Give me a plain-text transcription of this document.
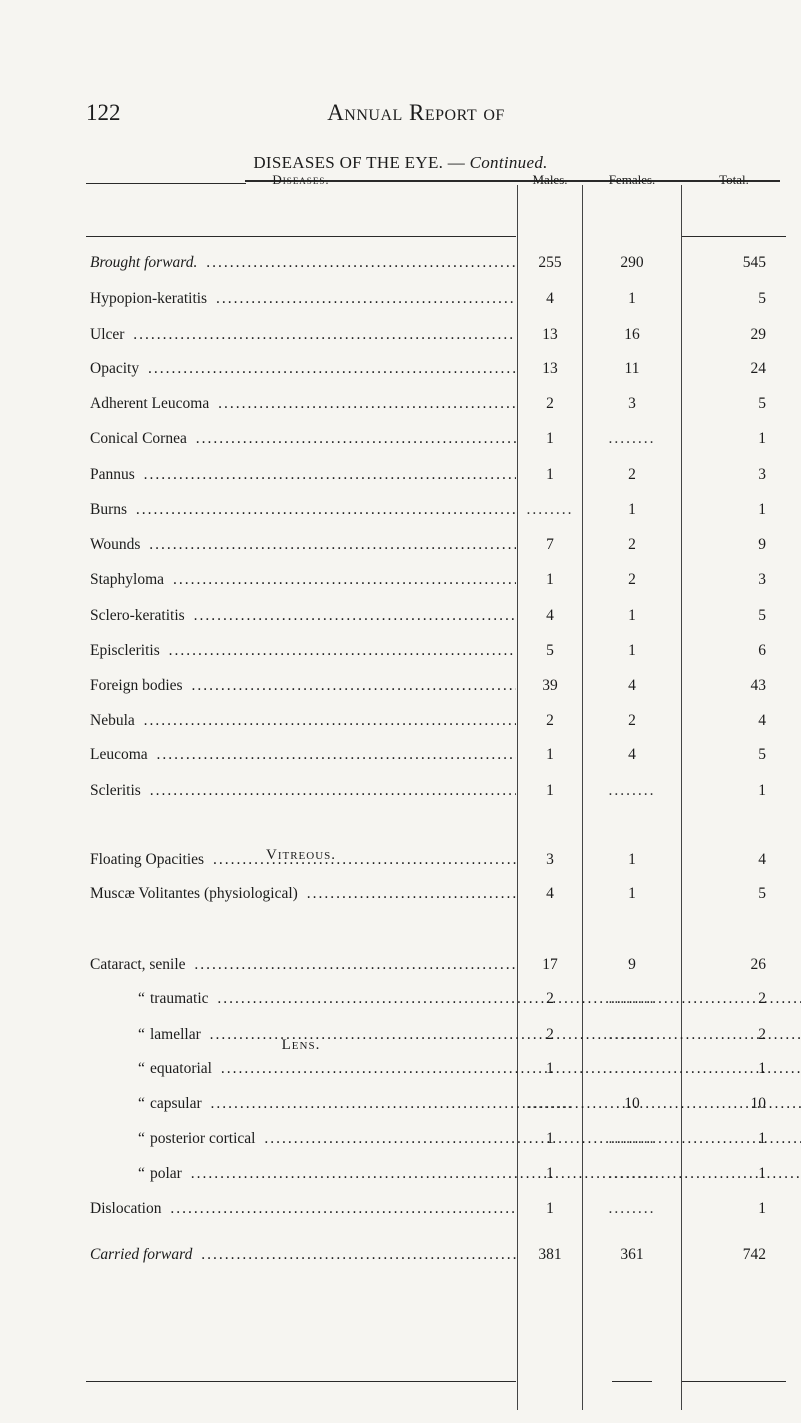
122	Annual Report of
DISEASES OF THE EYE. — Continued.
Diseases.	Males.	Females.	Total.
Vitreous.
Lens.
Brought forward. .....	255	290	545
Hypopion-keratitis .....	4	1	5
Ulcer .....	13	16	29
Opacity .....	13	11	24
Adherent Leucoma .....	2	3	5
Conical Cornea .....	1	........	1
Pannus .....	1	2	3
Burns .....	........	1	1
Wounds .....	7	2	9
Staphyloma .....	1	2	3
Sclero-keratitis .....	4	1	5
Episcleritis .....	5	1	6
Foreign bodies .....	39	4	43
Nebula .....	2	2	4
Leucoma .....	1	4	5
Scleritis .....	1	........	1
Floating Opacities .....	3	1	4
Muscæ Volitantes (physiological) .....	4	1	5
Cataract, senile .....	17	9	26
“ traumatic .....	2	........	2
“ lamellar .....	2	........	2
“ equatorial .....	1	........	1
“ capsular .....	........	10	10
“ posterior cortical .....	1	........	1
“ polar .....	1	........	1
Dislocation .....	1	........	1
Carried forward .....	381	361	742
